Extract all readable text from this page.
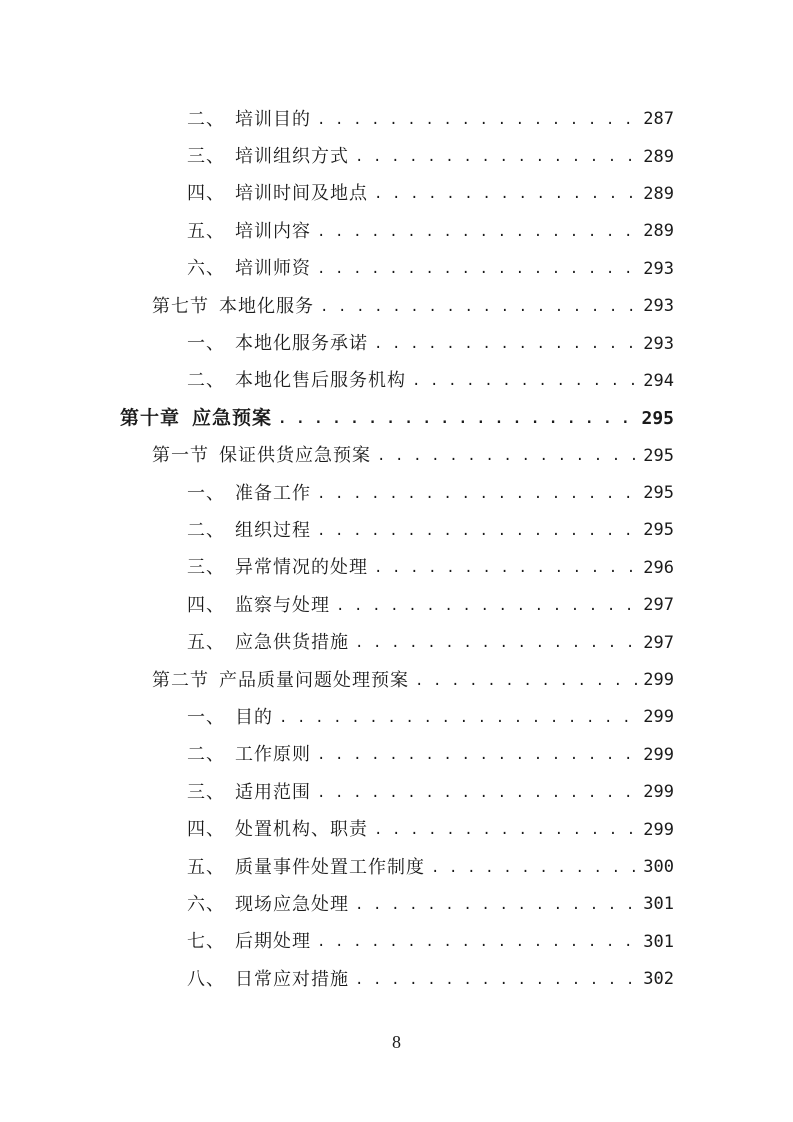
二、 培训目的 . . .	287
三、 培训组织方式 . . .	289
四、 培训时间及地点 . . .	289
五、 培训内容 . . .	289
六、 培训师资 . . .	293
第七节 本地化服务 . . .	293
一、 本地化服务承诺 . . .	293
二、 本地化售后服务机构 . . .	294
第十章 应急预案 . . .	295
第一节 保证供货应急预案 . . .	295
一、 准备工作 . . .	295
二、 组织过程 . . .	295
三、 异常情况的处理 . . .	296
四、 监察与处理 . . .	297
五、 应急供货措施 . . .	297
第二节 产品质量问题处理预案 . . .	299
一、 目的 . . .	299
二、 工作原则 . . .	299
三、 适用范围 . . .	299
四、 处置机构、职责 . . .	299
五、 质量事件处置工作制度 . . .	300
六、 现场应急处理 . . .	301
七、 后期处理 . . .	301
八、 日常应对措施 . . .	302
8
